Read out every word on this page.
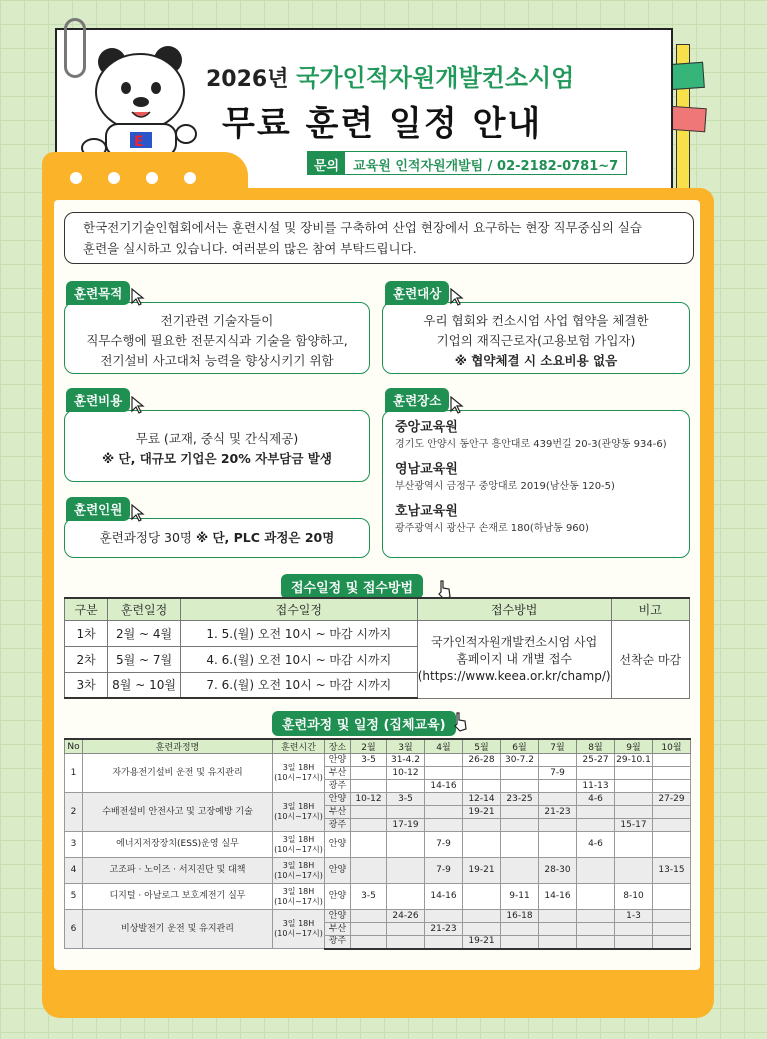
E
2026년 국가인적자원개발컨소시엄
무료 훈련 일정 안내
문의	교육원 인적자원개발팀 / 02-2182-0781~7
한국전기기술인협회에서는 훈련시설 및 장비를 구축하여 산업 현장에서 요구하는 현장 직무중심의 실습
훈련을 실시하고 있습니다. 여러분의 많은 참여 부탁드립니다.
전기관련 기술자들이
직무수행에 필요한 전문지식과 기술을 함양하고,
전기설비 사고대처 능력을 향상시키기 위함
훈련목적
우리 협회와 컨소시엄 사업 협약을 체결한
기업의 재직근로자(고용보험 가입자)
※ 협약체결 시 소요비용 없음
훈련대상
무료 (교재, 중식 및 간식제공)
※ 단, 대규모 기업은 20% 자부담금 발생
훈련비용
훈련과정당 30명 ※ 단, PLC 과정은 20명
훈련인원
중앙교육원
경기도 안양시 동안구 흥안대로 439번길 20-3(관양동 934-6)
영남교육원
부산광역시 금정구 중앙대로 2019(남산동 120-5)
호남교육원
광주광역시 광산구 손재로 180(하남동 960)
훈련장소
접수일정 및 접수방법
구분	훈련일정	접수일정	접수방법	비고
1차	2월 ~ 4월	1. 5.(월) 오전 10시 ~ 마감 시까지	국가인적자원개발컨소시엄 사업
홈페이지 내 개별 접수
(https://www.keea.or.kr/champ/)	선착순 마감
2차	5월 ~ 7월	4. 6.(월) 오전 10시 ~ 마감 시까지		
3차	8월 ~ 10월	7. 6.(월) 오전 10시 ~ 마감 시까지		
훈련과정 및 일정 (집체교육)
No	훈련과정명	훈련시간	장소	2월	3월	4월	5월	6월	7월	8월	9월	10월
1	자가용전기설비 운전 및 유지관리	3일 18H
(10시~17시)	안양	3-5	31-4.2		26-28	30-7.2		25-27	29-10.1	
			부산		10-12				7-9			
			광주			14-16				11-13		
2	수배전설비 안전사고 및 고장예방 기술	3일 18H
(10시~17시)	안양	10-12	3-5		12-14	23-25		4-6		27-29
			부산				19-21		21-23			
			광주		17-19						15-17	
3	에너지저장장치(ESS)운영 실무	3일 18H
(10시~17시)	안양			7-9				4-6		
4	고조파 · 노이즈 · 서지진단 및 대책	3일 18H
(10시~17시)	안양			7-9	19-21		28-30			13-15
5	디지털 · 아날로그 보호계전기 실무	3일 18H
(10시~17시)	안양	3-5		14-16		9-11	14-16		8-10	
6	비상발전기 운전 및 유지관리	3일 18H
(10시~17시)	안양		24-26			16-18			1-3	
			부산			21-23						
			광주				19-21					
